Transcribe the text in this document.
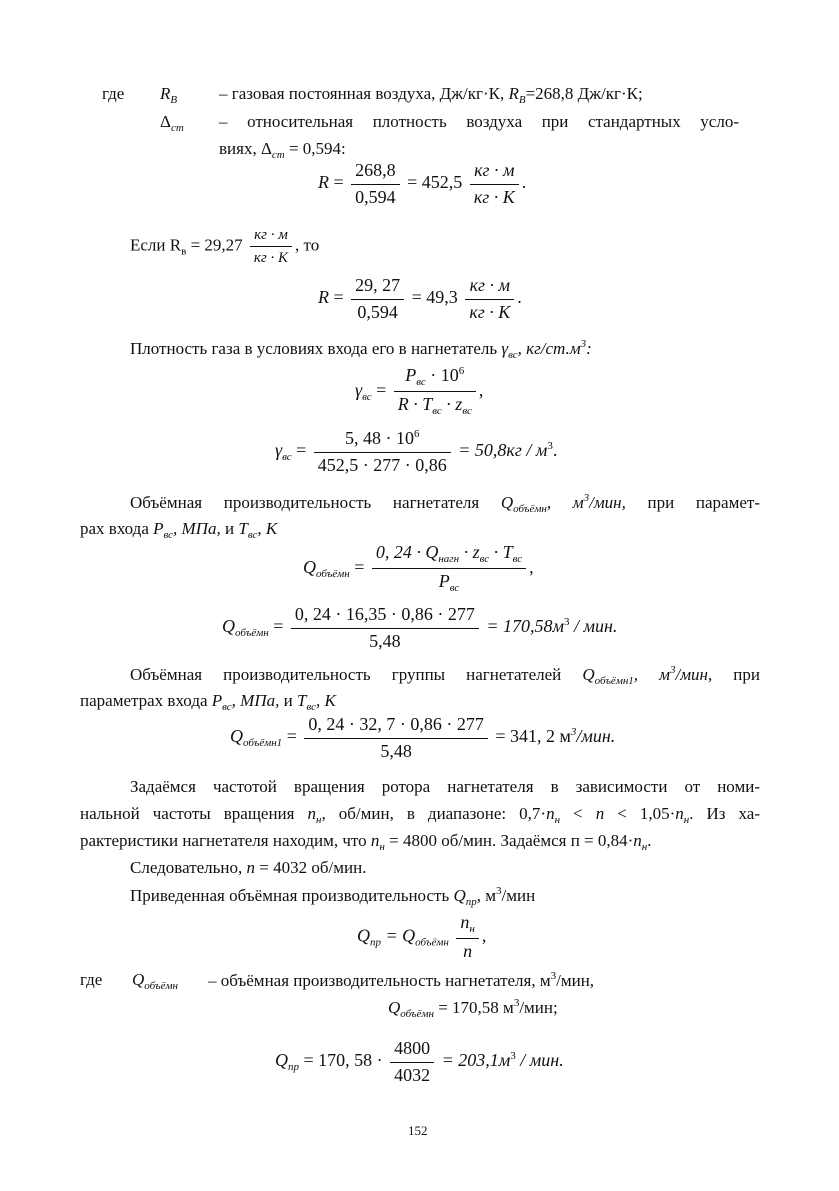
где $R_B$ – газовая постоянная воздуха, Дж/кг·К, $R_B=268,8$ Дж/кг·К;
$\Delta_{ст}$ – относительная плотность воздуха при стандартных усло-
виях, $\Delta_{ст} = 0,594$:
$R = \frac{268,8}{0,594} = 452,5 \frac{кг \cdot м}{кг \cdot K}$ .
Если $R_в = 29,27 \frac{кг \cdot м}{кг \cdot K}$ , то
$R = \frac{29, 27}{0,594} = 49,3 \frac{кг \cdot м}{кг \cdot K}$ .
Плотность газа в условиях входа его в нагнетатель $\gamma_{вс}$, $кг/ст.м^3$:
$\gamma_{вс} = \frac{P_{вс} \cdot 10^6}{R \cdot T_{вс} \cdot z_{вс}}$ ,
$\gamma_{вс} = \frac{5, 48 \cdot 10^6}{452,5 \cdot 277 \cdot 0,86} = 50,8кг / м^3$.
Объёмная производительность нагнетателя $Q_{объёмн}$, $м^3$/мин, при парамет-
рах входа $P_{вс}$, МПа, и $T_{вс}$, К
$Q_{объёмн} = \frac{0, 24 \cdot Q_{нагн} \cdot z_{вс} \cdot T_{вс}}{P_{вс}}$ ,
$Q_{объёмн} = \frac{0, 24 \cdot 16,35 \cdot 0,86 \cdot 277}{5,48} = 170,58м^3$ / мин.
Объёмная производительность группы нагнетателей $Q_{объёмн1}$, $м^3$/мин, при
параметрах входа $P_{вс}$, МПа, и $T_{вс}$, К
$Q_{объёмн1} = \frac{0, 24 \cdot 32, 7 \cdot 0,86 \cdot 277}{5,48} = 341$, 2 $м^3$/мин.
Задаёмся частотой вращения ротора нагнетателя в зависимости от номи-
нальной частоты вращения $n_н$, об/мин, в диапазоне: $0,7\cdot n_н < n < 1,05\cdot n_н$. Из ха-
рактеристики нагнетателя находим, что $n_н = 4800$ об/мин. Задаёмся $п = 0,84\cdot n_н$.
Следовательно, n = 4032 об/мин.
Приведенная объёмная производительность $Q_{пр}$, $м^3$/мин
$Q_{пр} = Q_{объёмн} \frac{n_н}{n}$ ,
где $Q_{объёмн}$ – объёмная производительность нагнетателя, $м^3$/мин,
$Q_{объёмн} = 170,58$ $м^3$/мин;
$Q_{пр} = 170$, $58 \cdot \frac{4800}{4032} = 203,1м^3$ / мин.
152
